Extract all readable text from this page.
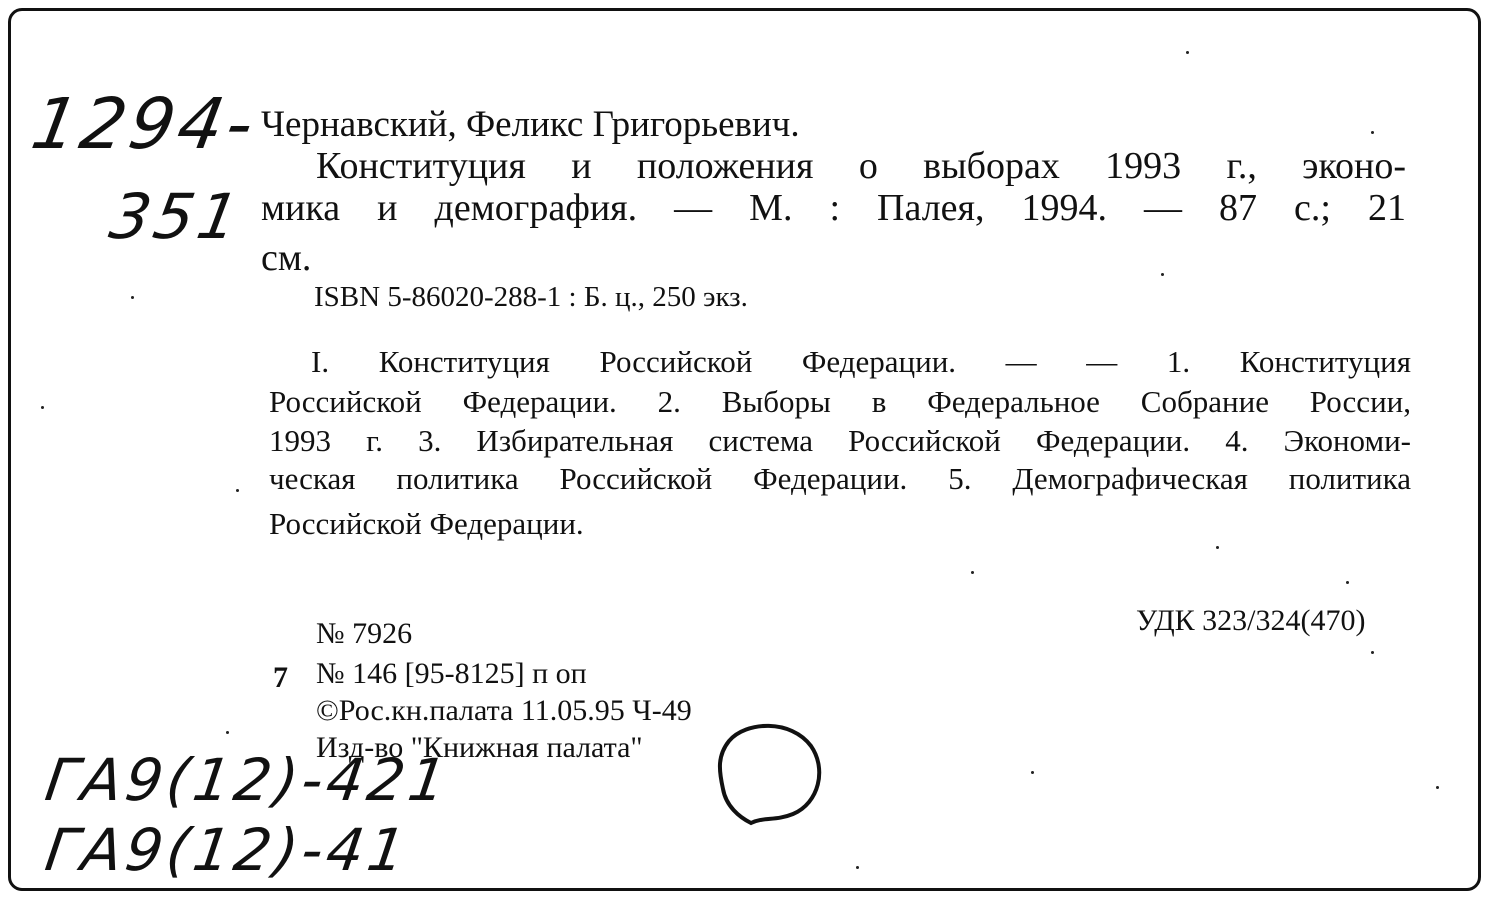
1294-
351
Чернавский, Феликс Григорьевич.
Конституция и положения о выборах 1993 г., эконо-
мика и демография. — М. : Палея, 1994. — 87 с.; 21
см.
ISBN 5-86020-288-1 : Б. ц., 250 экз.
I. Конституция Российской Федерации. — — 1. Конституция
Российской Федерации. 2. Выборы в Федеральное Собрание России,
1993 г. 3. Избирательная система Российской Федерации. 4. Экономи-
ческая политика Российской Федерации. 5. Демографическая политика
Российской Федерации.
№ 7926	УДК 323/324(470)
7 № 146 [95-8125] п оп
©Рос.кн.палата 11.05.95 Ч-49
Изд-во "Книжная палата"
ГА9(12)-421
ГА9(12)-41
